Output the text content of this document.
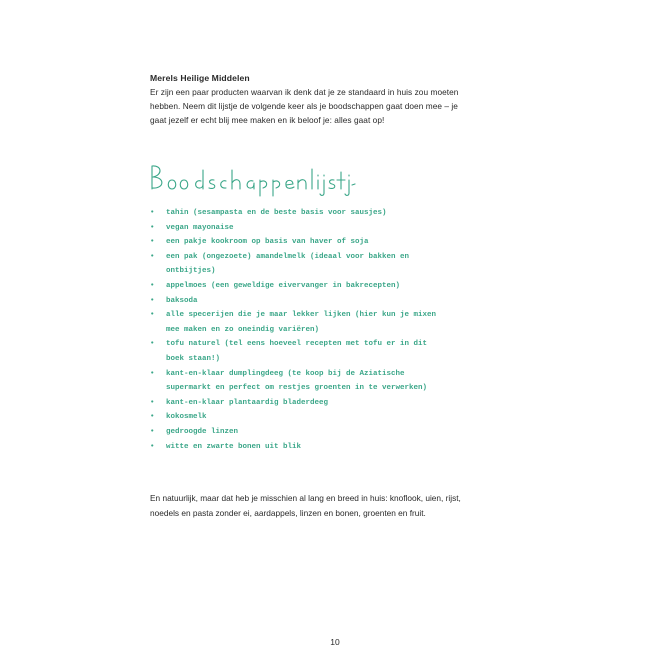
Merels Heilige Middelen
Er zijn een paar producten waarvan ik denk dat je ze standaard in huis zou moeten
hebben. Neem dit lijstje de volgende keer als je boodschappen gaat doen mee – je
gaat jezelf er echt blij mee maken en ik beloof je: alles gaat op!
• tahin (sesampasta en de beste basis voor sausjes)
• vegan mayonaise
• een pakje kookroom op basis van haver of soja
• een pak (ongezoete) amandelmelk (ideaal voor bakken en
ontbijtjes)
• appelmoes (een geweldige eivervanger in bakrecepten)
• baksoda
• alle specerijen die je maar lekker lijken (hier kun je mixen
mee maken en zo oneindig variëren)
• tofu naturel (tel eens hoeveel recepten met tofu er in dit
boek staan!)
• kant-en-klaar dumplingdeeg (te koop bij de Aziatische
supermarkt en perfect om restjes groenten in te verwerken)
• kant-en-klaar plantaardig bladerdeeg
• kokosmelk
• gedroogde linzen
• witte en zwarte bonen uit blik
En natuurlijk, maar dat heb je misschien al lang en breed in huis: knoflook, uien, rijst,
noedels en pasta zonder ei, aardappels, linzen en bonen, groenten en fruit.
10
